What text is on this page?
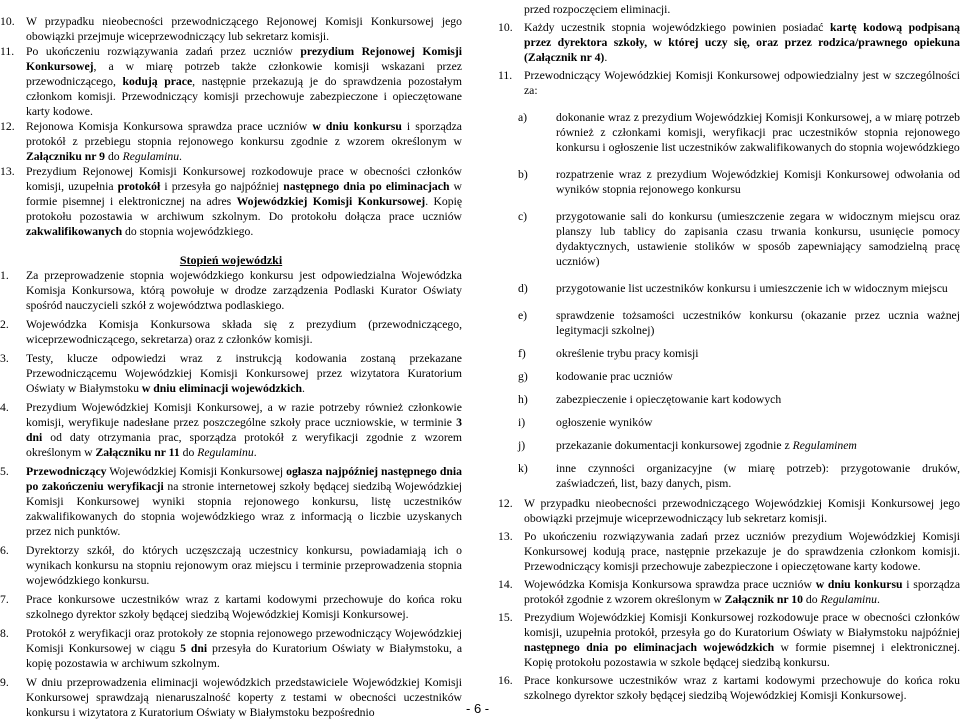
10. W przypadku nieobecności przewodniczącego Rejonowej Komisji Konkursowej jego obowiązki przejmuje wiceprzewodniczący lub sekretarz komisji.
11.	Po ukończeniu rozwiązywania zadań przez uczniów prezydium Rejonowej Komisji Konkursowej, a w miarę potrzeb także członkowie komisji wskazani przez przewodniczącego, kodują prace, następnie przekazują je do sprawdzenia pozostałym członkom komisji. Przewodniczący komisji przechowuje zabezpieczone i opieczętowane karty kodowe.
12. Rejonowa Komisja Konkursowa sprawdza prace uczniów w dniu konkursu i sporządza protokół z przebiegu stopnia rejonowego konkursu zgodnie z wzorem określonym w Załączniku nr 9 do Regulaminu.
13. Prezydium Rejonowej Komisji Konkursowej rozkodowuje prace w obecności członków komisji, uzupełnia protokół i przesyła go najpóźniej następnego dnia po eliminacjach w formie pisemnej i elektronicznej na adres Wojewódzkiej Komisji Konkursowej. Kopię protokołu pozostawia w archiwum szkolnym. Do protokołu dołącza prace uczniów zakwalifikowanych do stopnia wojewódzkiego.
Stopień wojewódzki
1.	Za przeprowadzenie stopnia wojewódzkiego konkursu jest odpowiedzialna Wojewódzka Komisja Konkursowa, którą powołuje w drodze zarządzenia Podlaski Kurator Oświaty spośród nauczycieli szkół z województwa podlaskiego.
2.	Wojewódzka Komisja Konkursowa składa się z prezydium (przewodniczącego, wiceprzewodniczącego, sekretarza) oraz z członków komisji.
3.	Testy, klucze odpowiedzi wraz z instrukcją kodowania zostaną przekazane Przewodniczącemu Wojewódzkiej Komisji Konkursowej przez wizytatora Kuratorium Oświaty w Białymstoku w dniu eliminacji wojewódzkich.
4.	Prezydium Wojewódzkiej Komisji Konkursowej, a w razie potrzeby również członkowie komisji, weryfikuje nadesłane przez poszczególne szkoły prace uczniowskie, w terminie 3 dni od daty otrzymania prac, sporządza protokół z weryfikacji zgodnie z wzorem określonym w Załączniku nr 11 do Regulaminu.
5.	Przewodniczący Wojewódzkiej Komisji Konkursowej ogłasza najpóźniej następnego dnia po zakończeniu weryfikacji na stronie internetowej szkoły będącej siedzibą Wojewódzkiej Komisji Konkursowej wyniki stopnia rejonowego konkursu, listę uczestników zakwalifikowanych do stopnia wojewódzkiego wraz z informacją o liczbie uzyskanych przez nich punktów.
6.	Dyrektorzy szkół, do których uczęszczają uczestnicy konkursu, powiadamiają ich o wynikach konkursu na stopniu rejonowym oraz miejscu i terminie przeprowadzenia stopnia wojewódzkiego konkursu.
7.	Prace konkursowe uczestników wraz z kartami kodowymi przechowuje do końca roku szkolnego dyrektor szkoły będącej siedzibą Wojewódzkiej Komisji Konkursowej.
8.	Protokół z weryfikacji oraz protokoły ze stopnia rejonowego przewodniczący Wojewódzkiej Komisji Konkursowej w ciągu 5 dni przesyła do Kuratorium Oświaty w Białymstoku, a kopię pozostawia w archiwum szkolnym.
9.	W dniu przeprowadzenia eliminacji wojewódzkich przedstawiciele Wojewódzkiej Komisji Konkursowej sprawdzają nienaruszalność koperty z testami w obecności uczestników konkursu i wizytatora z Kuratorium Oświaty w Białymstoku bezpośrednio
przed rozpoczęciem eliminacji.
10. Każdy uczestnik stopnia wojewódzkiego powinien posiadać kartę kodową podpisaną przez dyrektora szkoły, w której uczy się, oraz przez rodzica/prawnego opiekuna (Załącznik nr 4).
11.	Przewodniczący Wojewódzkiej Komisji Konkursowej odpowiedzialny jest w szczególności za:
a)	dokonanie wraz z prezydium Wojewódzkiej Komisji Konkursowej, a w miarę potrzeb również z członkami komisji, weryfikacji prac uczestników stopnia rejonowego konkursu i ogłoszenie list uczestników zakwalifikowanych do stopnia wojewódzkiego
b)	rozpatrzenie wraz z prezydium Wojewódzkiej Komisji Konkursowej odwołania od wyników stopnia rejonowego konkursu
c)	przygotowanie sali do konkursu (umieszczenie zegara w widocznym miejscu oraz planszy lub tablicy do zapisania czasu trwania konkursu, usunięcie pomocy dydaktycznych, ustawienie stolików w sposób zapewniający samodzielną pracę uczniów)
d)	przygotowanie list uczestników konkursu i umieszczenie ich w widocznym miejscu
e)	sprawdzenie tożsamości uczestników konkursu (okazanie przez ucznia ważnej legitymacji szkolnej)
f)	określenie trybu pracy komisji
g)	kodowanie prac uczniów
h)	zabezpieczenie i opieczętowanie kart kodowych
i)	ogłoszenie wyników
j)	przekazanie dokumentacji konkursowej zgodnie z Regulaminem
k)	inne czynności organizacyjne (w miarę potrzeb): przygotowanie druków, zaświadczeń, list, bazy danych, pism.
12. W przypadku nieobecności przewodniczącego Wojewódzkiej Komisji Konkursowej jego obowiązki przejmuje wiceprzewodniczący lub sekretarz komisji.
13. Po ukończeniu rozwiązywania zadań przez uczniów prezydium Wojewódzkiej Komisji Konkursowej kodują prace, następnie przekazuje je do sprawdzenia członkom komisji. Przewodniczący komisji przechowuje zabezpieczone i opieczętowane karty kodowe.
14. Wojewódzka Komisja Konkursowa sprawdza prace uczniów w dniu konkursu i sporządza protokół zgodnie z wzorem określonym w Załącznik nr 10 do Regulaminu.
15. Prezydium Wojewódzkiej Komisji Konkursowej rozkodowuje prace w obecności członków komisji, uzupełnia protokół, przesyła go do Kuratorium Oświaty w Białymstoku najpóźniej następnego dnia po eliminacjach wojewódzkich w formie pisemnej i elektronicznej. Kopię protokołu pozostawia w szkole będącej siedzibą konkursu.
16. Prace konkursowe uczestników wraz z kartami kodowymi przechowuje do końca roku szkolnego dyrektor szkoły będącej siedzibą Wojewódzkiej Komisji Konkursowej.
- 6 -
